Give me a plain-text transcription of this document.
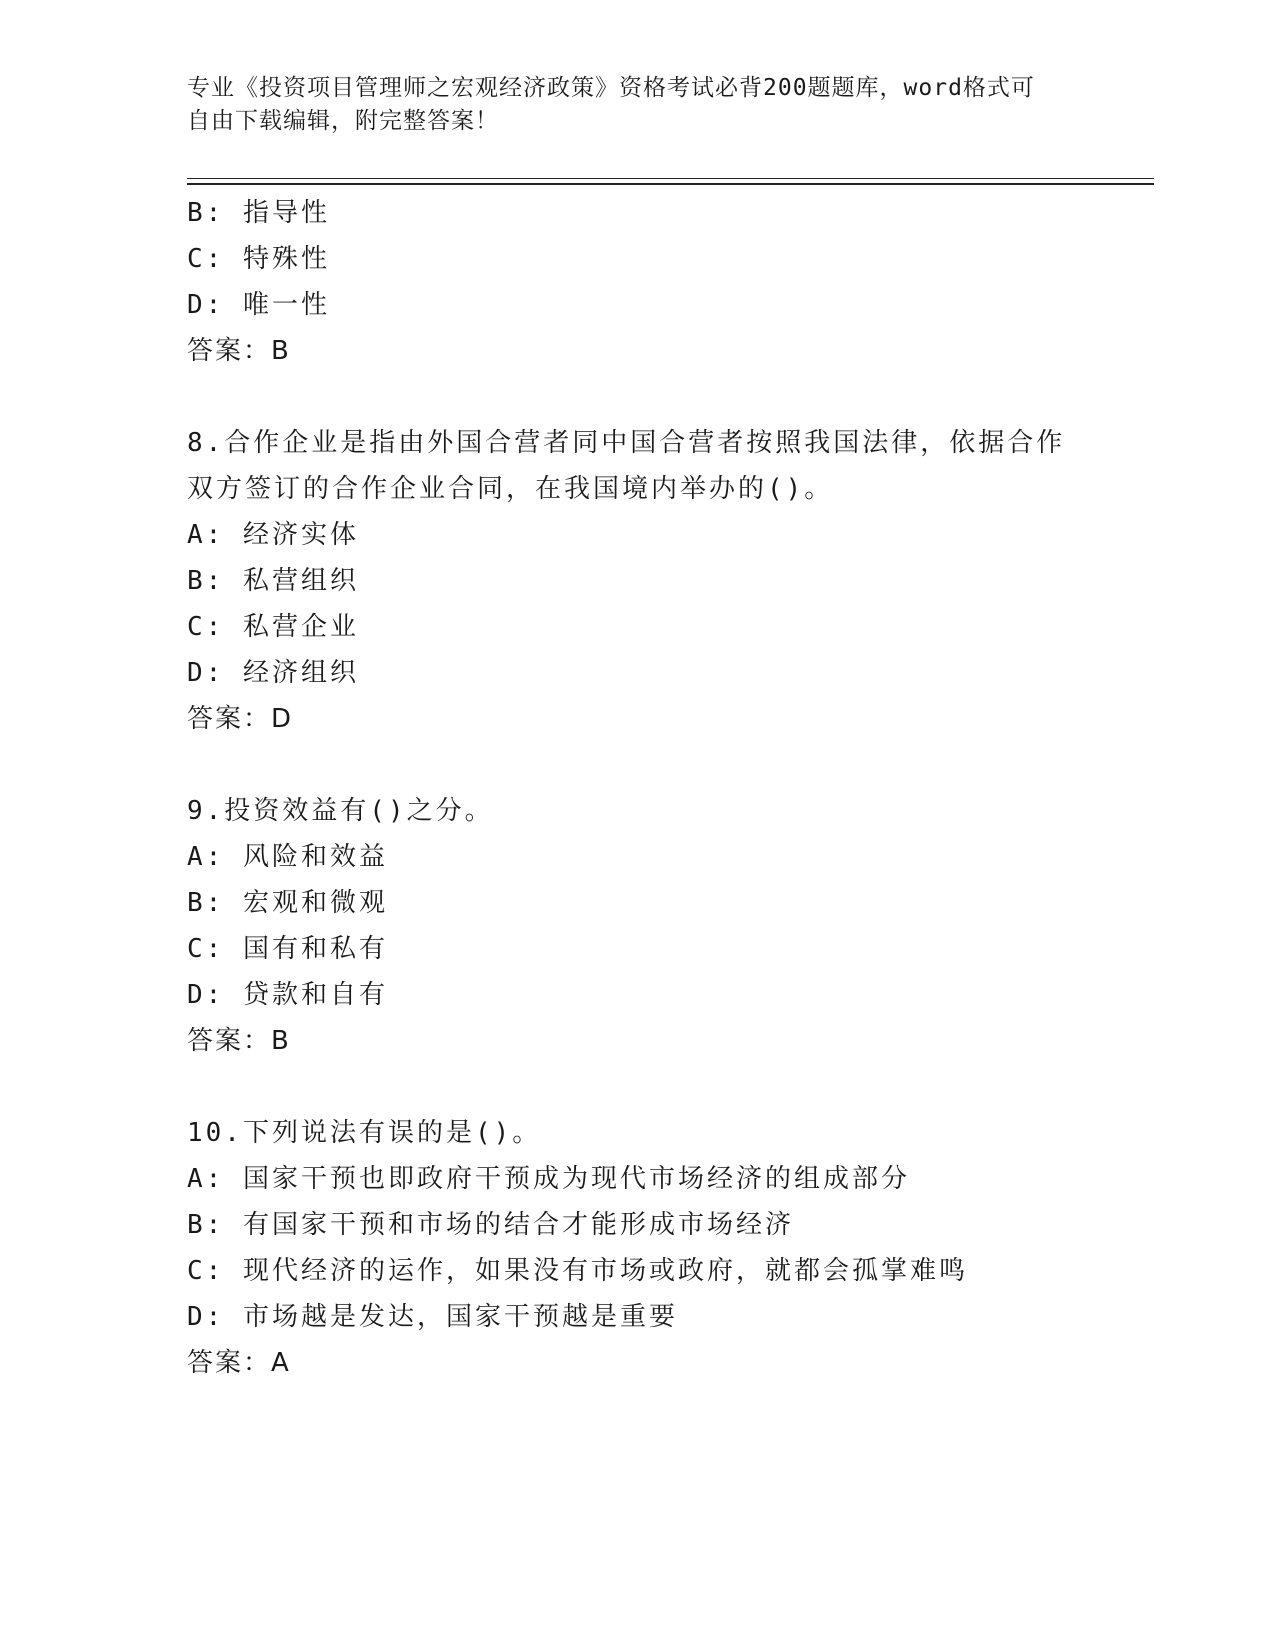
专业《投资项目管理师之宏观经济政策》资格考试必背200题题库，word格式可
自由下载编辑，附完整答案！
B: 指导性
C: 特殊性
D: 唯一性
答案：B
8.合作企业是指由外国合营者同中国合营者按照我国法律，依据合作
双方签订的合作企业合同，在我国境内举办的()。
A: 经济实体
B: 私营组织
C: 私营企业
D: 经济组织
答案：D
9.投资效益有()之分。
A: 风险和效益
B: 宏观和微观
C: 国有和私有
D: 贷款和自有
答案：B
10.下列说法有误的是()。
A: 国家干预也即政府干预成为现代市场经济的组成部分
B: 有国家干预和市场的结合才能形成市场经济
C: 现代经济的运作，如果没有市场或政府，就都会孤掌难鸣
D: 市场越是发达，国家干预越是重要
答案：A
